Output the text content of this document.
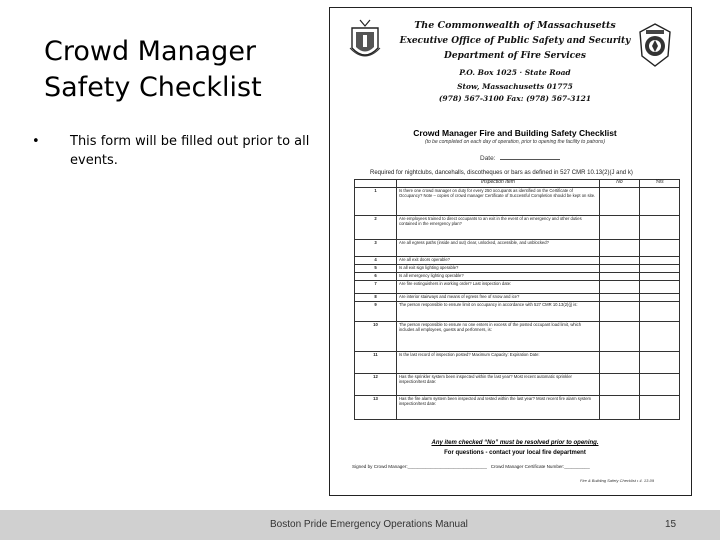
Crowd Manager Safety Checklist
•	This form will be filled out prior to all events.
The Commonwealth of Massachusetts
Executive Office of Public Safety and Security
Department of Fire Services
P.O. Box 1025 · State Road
Stow, Massachusetts 01775
(978) 567-3100 Fax: (978) 567-3121
Crowd Manager Fire and Building Safety Checklist
(to be completed on each day of operation, prior to opening the facility to patrons)
Date:
Required for nightclubs, dancehalls, discotheques or bars as defined in 527 CMR 10.13(2)(J and k)
	Inspection Item	No	Yes
1	Is there one crowd manager on duty for every 250 occupants as identified on the Certificate of Occupancy? Note – copies of crowd manager Certificate of Successful Completion should be kept on site.		
2	Are employees trained to direct occupants to an exit in the event of an emergency and other duties contained in the emergency plan?		
3	Are all egress paths (inside and out) clear, unlocked, accessible, and unblocked?		
4	Are all exit doors operable?		
5	Is all exit sign lighting operable?		
6	Is all emergency lighting operable?		
7	Are fire extinguishers in working order? Last inspection date:		
8	Are interior stairways and means of egress free of snow and ice?		
9	The person responsible to ensure limit on occupancy in accordance with 527 CMR 10.13(2)(j) is:		
10	The person responsible to ensure no one enters in excess of the posted occupant load limit, which includes all employees, guests and performers, is:		
11	Is the last record of inspection posted? Maximum Capacity: Expiration Date:		
12	Has the sprinkler system been inspected within the last year? Most recent automatic sprinkler inspection/test date:		
13	Has the fire alarm system been inspected and tested within the last year? Most recent fire alarm system inspection/test date:		
Any item checked “No” must be resolved prior to opening.
For questions - contact your local fire department
Signed by Crowd Manager:_______________________________   Crowd Manager Certificate Number:__________
Fire & Building Safety Checklist • 4. 13-09
Boston Pride Emergency Operations Manual	15
